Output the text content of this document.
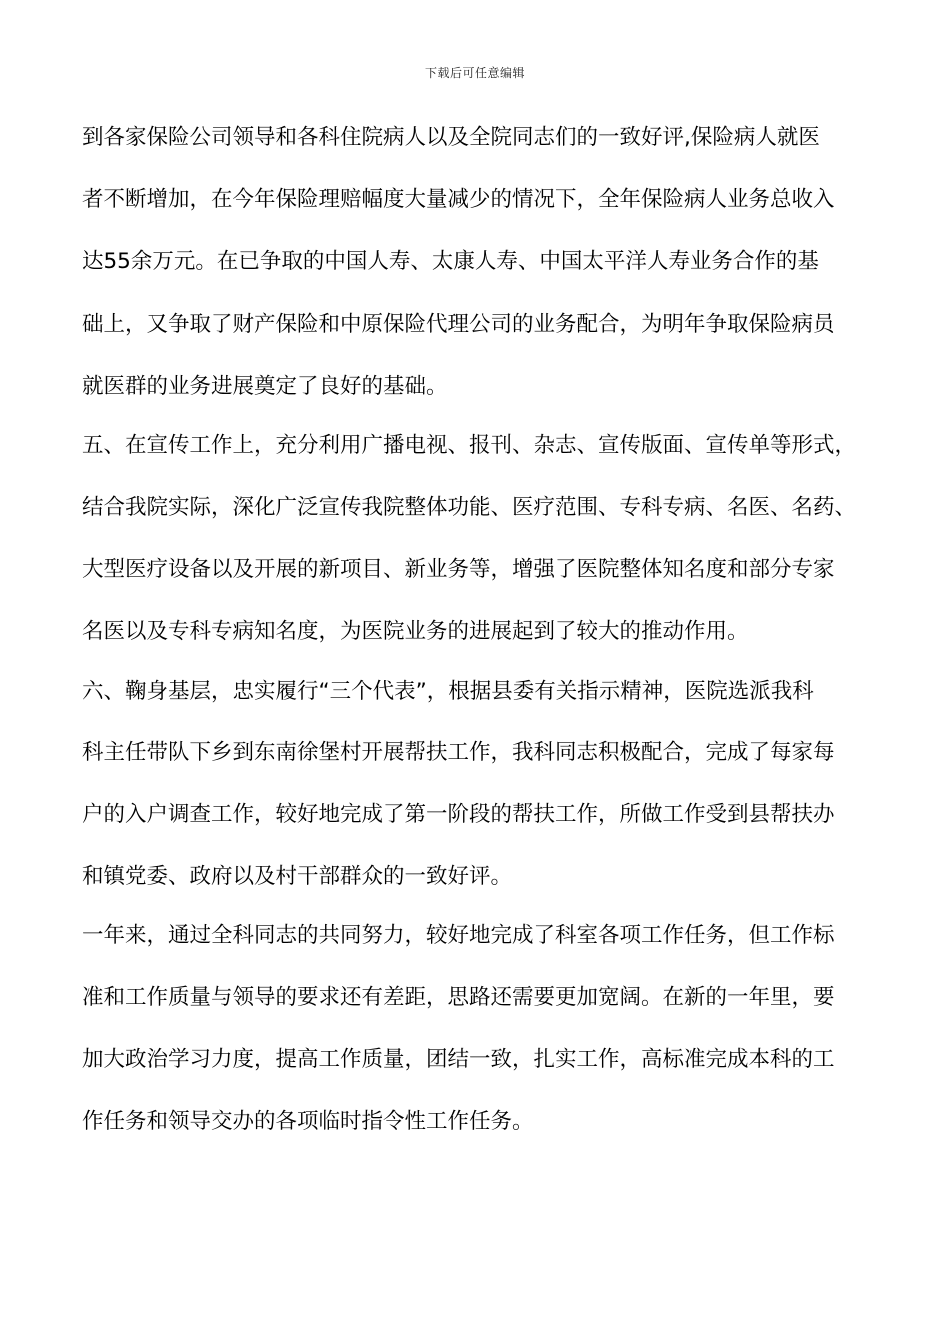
下载后可任意编辑
到各家保险公司领导和各科住院病人以及全院同志们的一致好评,保险病人就医
者不断增加，在今年保险理赔幅度大量减少的情况下，全年保险病人业务总收入
达55余万元。在已争取的中国人寿、太康人寿、中国太平洋人寿业务合作的基
础上，又争取了财产保险和中原保险代理公司的业务配合，为明年争取保险病员
就医群的业务进展奠定了良好的基础。
五、在宣传工作上，充分利用广播电视、报刊、杂志、宣传版面、宣传单等形式，
结合我院实际，深化广泛宣传我院整体功能、医疗范围、专科专病、名医、名药、
大型医疗设备以及开展的新项目、新业务等，增强了医院整体知名度和部分专家
名医以及专科专病知名度，为医院业务的进展起到了较大的推动作用。
六、鞠身基层，忠实履行“三个代表”，根据县委有关指示精神，医院选派我科
科主任带队下乡到东南徐堡村开展帮扶工作，我科同志积极配合，完成了每家每
户的入户调查工作，较好地完成了第一阶段的帮扶工作，所做工作受到县帮扶办
和镇党委、政府以及村干部群众的一致好评。
一年来，通过全科同志的共同努力，较好地完成了科室各项工作任务，但工作标
准和工作质量与领导的要求还有差距，思路还需要更加宽阔。在新的一年里，要
加大政治学习力度，提高工作质量，团结一致，扎实工作，高标准完成本科的工
作任务和领导交办的各项临时指令性工作任务。
